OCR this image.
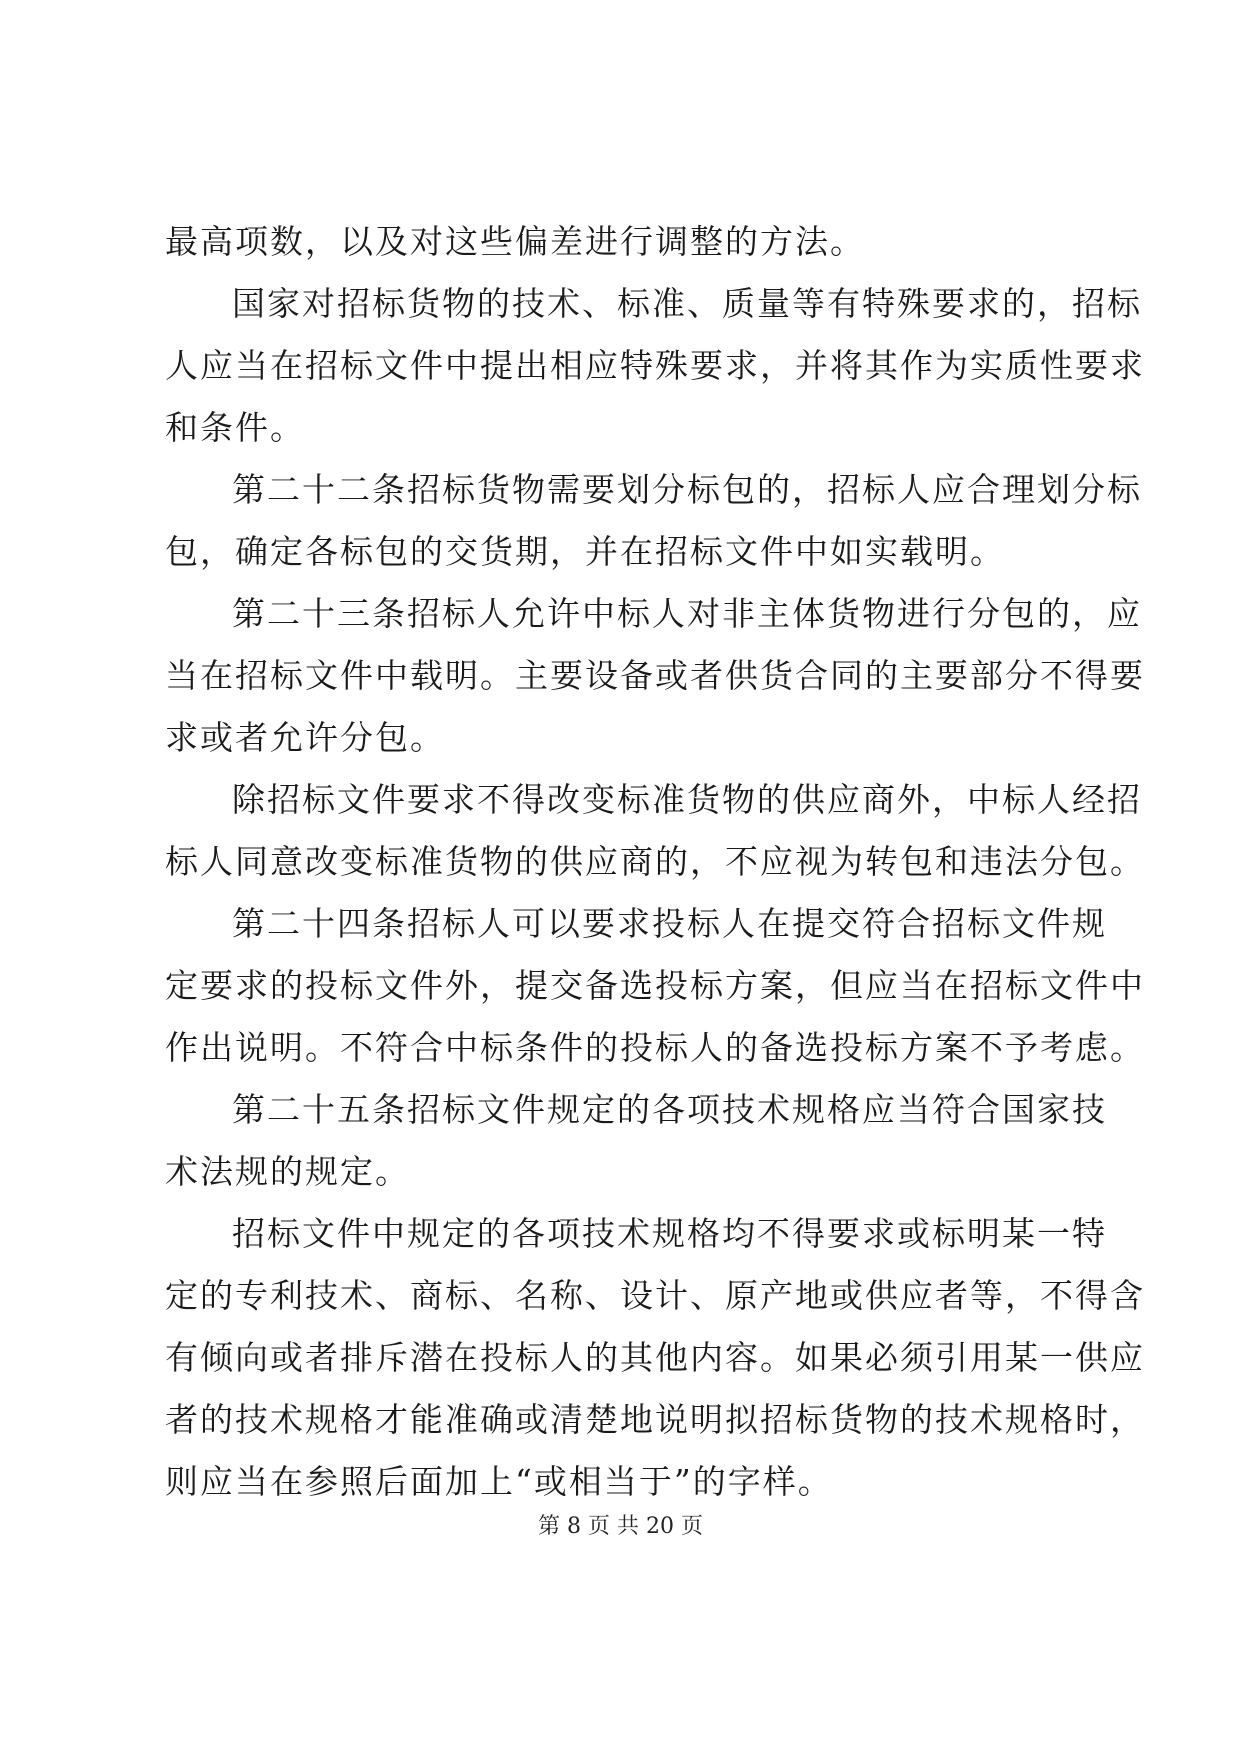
最高项数，以及对这些偏差进行调整的方法。
国家对招标货物的技术、标准、质量等有特殊要求的，招标
人应当在招标文件中提出相应特殊要求，并将其作为实质性要求
和条件。
第二十二条招标货物需要划分标包的，招标人应合理划分标
包，确定各标包的交货期，并在招标文件中如实载明。
第二十三条招标人允许中标人对非主体货物进行分包的，应
当在招标文件中载明。主要设备或者供货合同的主要部分不得要
求或者允许分包。
除招标文件要求不得改变标准货物的供应商外，中标人经招
标人同意改变标准货物的供应商的，不应视为转包和违法分包。
第二十四条招标人可以要求投标人在提交符合招标文件规
定要求的投标文件外，提交备选投标方案，但应当在招标文件中
作出说明。不符合中标条件的投标人的备选投标方案不予考虑。
第二十五条招标文件规定的各项技术规格应当符合国家技
术法规的规定。
招标文件中规定的各项技术规格均不得要求或标明某一特
定的专利技术、商标、名称、设计、原产地或供应者等，不得含
有倾向或者排斥潜在投标人的其他内容。如果必须引用某一供应
者的技术规格才能准确或清楚地说明拟招标货物的技术规格时，
则应当在参照后面加上“或相当于”的字样。
第 8 页 共 20 页
